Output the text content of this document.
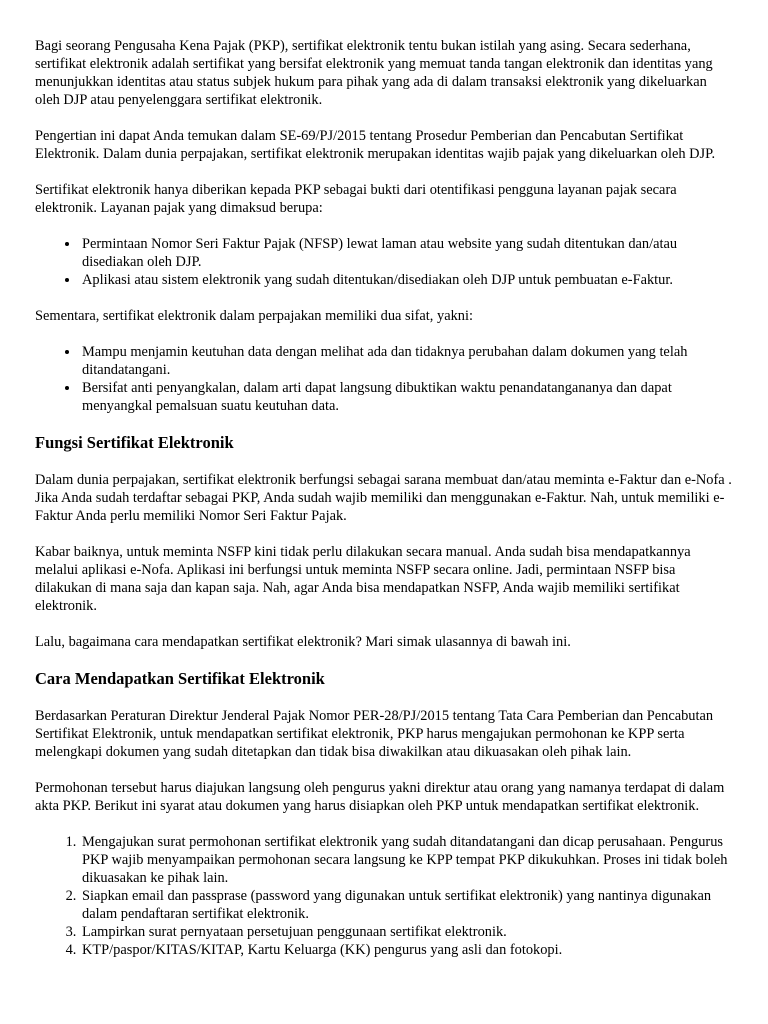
Bagi seorang Pengusaha Kena Pajak (PKP), sertifikat elektronik tentu bukan istilah yang asing. Secara sederhana, sertifikat elektronik adalah sertifikat yang bersifat elektronik yang memuat tanda tangan elektronik dan identitas yang menunjukkan identitas atau status subjek hukum para pihak yang ada di dalam transaksi elektronik yang dikeluarkan oleh DJP atau penyelenggara sertifikat elektronik.

Pengertian ini dapat Anda temukan dalam SE-69/PJ/2015 tentang Prosedur Pemberian dan Pencabutan Sertifikat Elektronik. Dalam dunia perpajakan, sertifikat elektronik merupakan identitas wajib pajak yang dikeluarkan oleh DJP.

Sertifikat elektronik hanya diberikan kepada PKP sebagai bukti dari otentifikasi pengguna layanan pajak secara elektronik. Layanan pajak yang dimaksud berupa:

• Permintaan Nomor Seri Faktur Pajak (NFSP) lewat laman atau website yang sudah ditentukan dan/atau disediakan oleh DJP.
• Aplikasi atau sistem elektronik yang sudah ditentukan/disediakan oleh DJP untuk pembuatan e-Faktur.

Sementara, sertifikat elektronik dalam perpajakan memiliki dua sifat, yakni:

• Mampu menjamin keutuhan data dengan melihat ada dan tidaknya perubahan dalam dokumen yang telah ditandatangani.
• Bersifat anti penyangkalan, dalam arti dapat langsung dibuktikan waktu penandatangananya dan dapat menyangkal pemalsuan suatu keutuhan data.
Fungsi Sertifikat Elektronik

Dalam dunia perpajakan, sertifikat elektronik berfungsi sebagai sarana membuat dan/atau meminta e-Faktur dan e-Nofa . Jika Anda sudah terdaftar sebagai PKP, Anda sudah wajib memiliki dan menggunakan e-Faktur. Nah, untuk memiliki e-Faktur Anda perlu memiliki Nomor Seri Faktur Pajak.

Kabar baiknya, untuk meminta NSFP kini tidak perlu dilakukan secara manual. Anda sudah bisa mendapatkannya melalui aplikasi e-Nofa. Aplikasi ini berfungsi untuk meminta NSFP secara online. Jadi, permintaan NSFP bisa dilakukan di mana saja dan kapan saja. Nah, agar Anda bisa mendapatkan NSFP, Anda wajib memiliki sertifikat elektronik.

Lalu, bagaimana cara mendapatkan sertifikat elektronik? Mari simak ulasannya di bawah ini.

Cara Mendapatkan Sertifikat Elektronik

Berdasarkan Peraturan Direktur Jenderal Pajak Nomor PER-28/PJ/2015 tentang Tata Cara Pemberian dan Pencabutan Sertifikat Elektronik, untuk mendapatkan sertifikat elektronik, PKP harus mengajukan permohonan ke KPP serta melengkapi dokumen yang sudah ditetapkan dan tidak bisa diwakilkan atau dikuasakan oleh pihak lain.

Permohonan tersebut harus diajukan langsung oleh pengurus yakni direktur atau orang yang namanya terdapat di dalam akta PKP. Berikut ini syarat atau dokumen yang harus disiapkan oleh PKP untuk mendapatkan sertifikat elektronik.

1. Mengajukan surat permohonan sertifikat elektronik yang sudah ditandatangani dan dicap perusahaan. Pengurus PKP wajib menyampaikan permohonan secara langsung ke KPP tempat PKP dikukuhkan. Proses ini tidak boleh dikuasakan ke pihak lain.
2. Siapkan email dan passprase (password yang digunakan untuk sertifikat elektronik) yang nantinya digunakan dalam pendaftaran sertifikat elektronik.
3. Lampirkan surat pernyataan persetujuan penggunaan sertifikat elektronik.
4. KTP/paspor/KITAS/KITAP, Kartu Keluarga (KK) pengurus yang asli dan fotokopi.
